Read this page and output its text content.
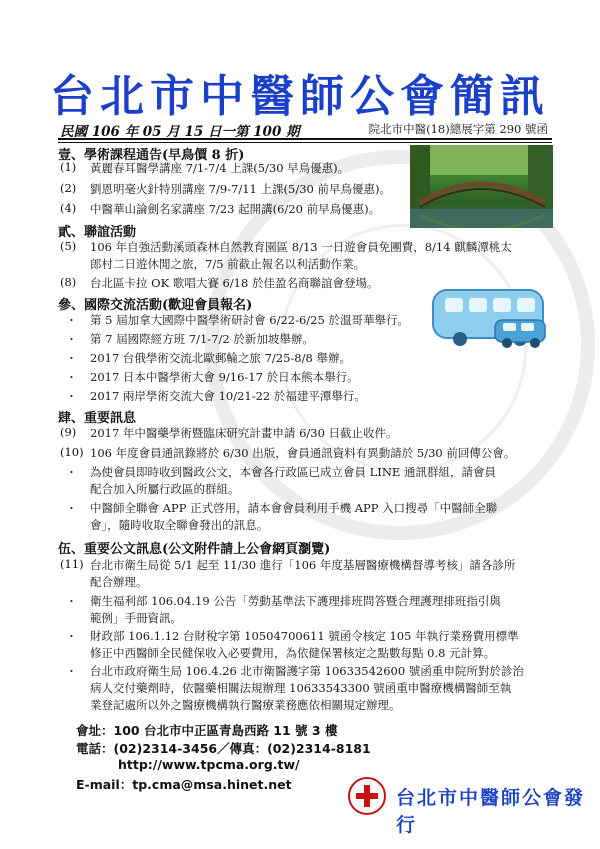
台北市中醫師公會簡訊
民國 106 年 05 月 15 日一第 100 期	院北市中醫(18)總展字第 290 號函
壹、學術課程通告(早鳥價 8 折)
(1) 黃麗春耳醫學講座 7/1-7/4 上課(5/30 早鳥優惠)。
(2) 劉恩明毫火針特別講座 7/9-7/11 上課(5/30 前早鳥優惠)。
(4) 中醫華山論劍名家講座 7/23 起開講(6/20 前早鳥優惠)。
貳、聯誼活動
(5) 106 年自強活動溪頭森林自然教育園區 8/13 一日遊會員免團費，8/14 麒麟潭桃太
郎村二日遊休閒之旅，7/5 前截止報名以利活動作業。
(8) 台北區卡拉 OK 歌唱大賽 6/18 於佳盈名商聯誼會登場。
參、國際交流活動(歡迎會員報名)
・ 第 5 屆加拿大國際中醫學術研討會 6/22-6/25 於溫哥華舉行。
・ 第 7 屆國際經方班 7/1-7/2 於新加坡舉辦。
・ 2017 台俄學術交流北歐郵輪之旅 7/25-8/8 舉辦。
・ 2017 日本中醫學術大會 9/16-17 於日本熊本舉行。
・ 2017 兩岸學術交流大會 10/21-22 於福建平潭舉行。
肆、重要訊息
(9) 2017 年中醫藥學術暨臨床研究計畫申請 6/30 日截止收件。
(10) 106 年度會員通訊錄將於 6/30 出版，會員通訊資料有異動請於 5/30 前回傳公會。
・ 為使會員即時收到醫政公文，本會各行政區已成立會員 LINE 通訊群組，請會員
配合加入所屬行政區的群組。
・ 中醫師全聯會 APP 正式啓用，請本會會員利用手機 APP 入口搜尋「中醫師全聯
會」，隨時收取全聯會發出的訊息。
伍、重要公文訊息(公文附件請上公會網頁瀏覽)
(11) 台北市衛生局從 5/1 起至 11/30 進行「106 年度基層醫療機構督導考核」請各診所
配合辦理。
・ 衛生福利部 106.04.19 公告「勞動基準法下護理排班問答暨合理護理排班指引與
範例」手冊資訊。
・ 財政部 106.1.12 台財稅字第 10504700611 號函令核定 105 年執行業務費用標準
修正中西醫師全民健保收入必要費用，為依健保署核定之點數每點 0.8 元計算。
・ 台北市政府衛生局 106.4.26 北市衛醫護字第 10633542600 號函重申院所對於診治
病人交付藥劑時，依醫藥相關法規辦理 10633543300 號函重申醫療機構醫師至執
業登記處所以外之醫療機構執行醫療業務應依相關規定辦理。
會址：100 台北市中正區青島西路 11 號 3 樓
電話：(02)2314-3456／傳真：(02)2314-8181
http://www.tpcma.org.tw/
E-mail：tp.cma@msa.hinet.net
台北市中醫師公會發行
